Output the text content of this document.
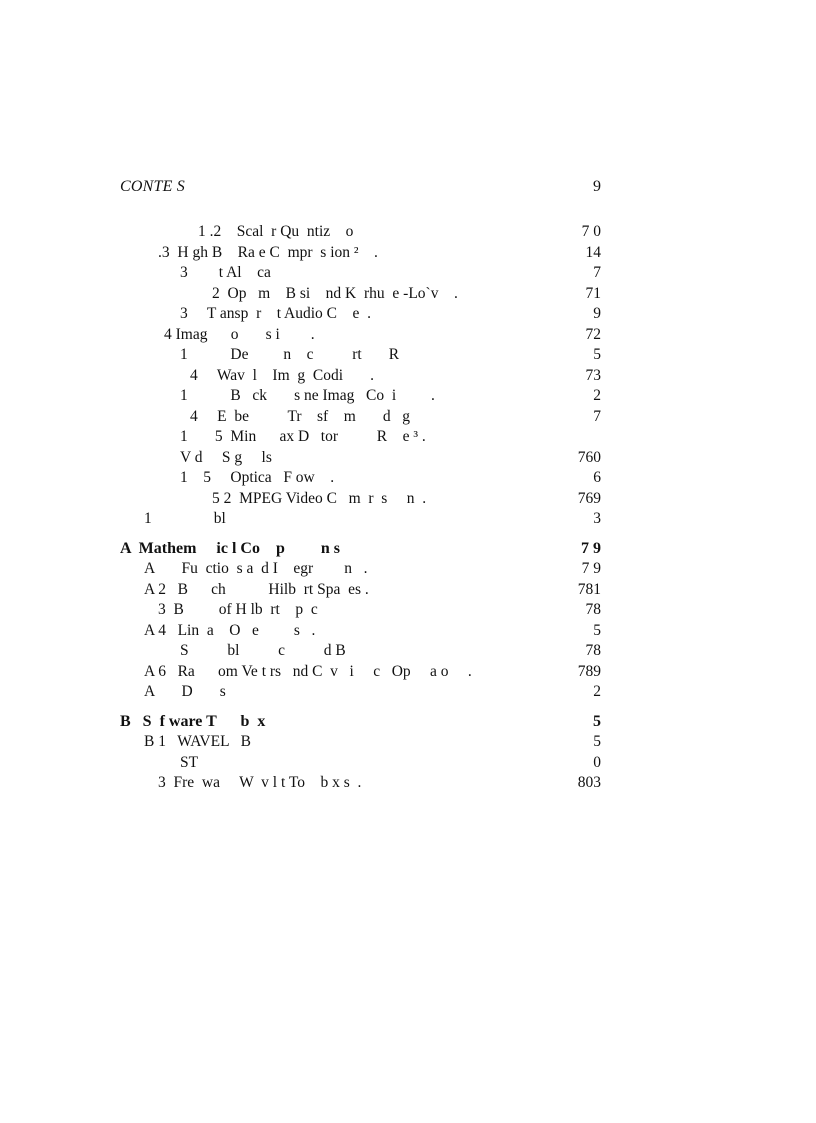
CONTE S	9
1 .2    Scal  r Qu  ntiz    o	7 0
.3  H gh B    Ra e C  mpr  s ion ²    .	14
3        t Al    ca	7
2  Op   m    B si    nd K  rhu  e -Lo`v    .	71
3     T ansp  r    t Audio C    e  .	9
4 Imag      o       s i        .	72
1           De         n    c          rt       R	5
4     Wav  l    Im  g  Codi       .	73
1           B   ck       s ne Imag   Co  i         .	2
4     E  be          Tr    sf    m       d   g	7
1       5  Min      ax D   tor          R    e ³ .
V d     S g     ls	760
1    5     Optica   F ow    .	6
5 2  MPEG Video C   m  r  s     n  .	769
1                bl	3
A  Mathem     ic l Co    p         n s	7 9
A       Fu  ctio  s a  d I    egr        n   .	7 9
A 2   B      ch           Hilb  rt Spa  es .	781
3  B         of H lb  rt    p  c	78
A 4   Lin  a    O   e         s   .	5
S          bl          c          d B	78
A 6   Ra      om Ve t rs   nd C  v   i     c   Op     a o     .	789
A       D       s	2
B   S  f ware T      b  x	5
B 1   WAVEL   B	5
ST	0
3  Fre  wa     W  v l t To    b x s  .	803
